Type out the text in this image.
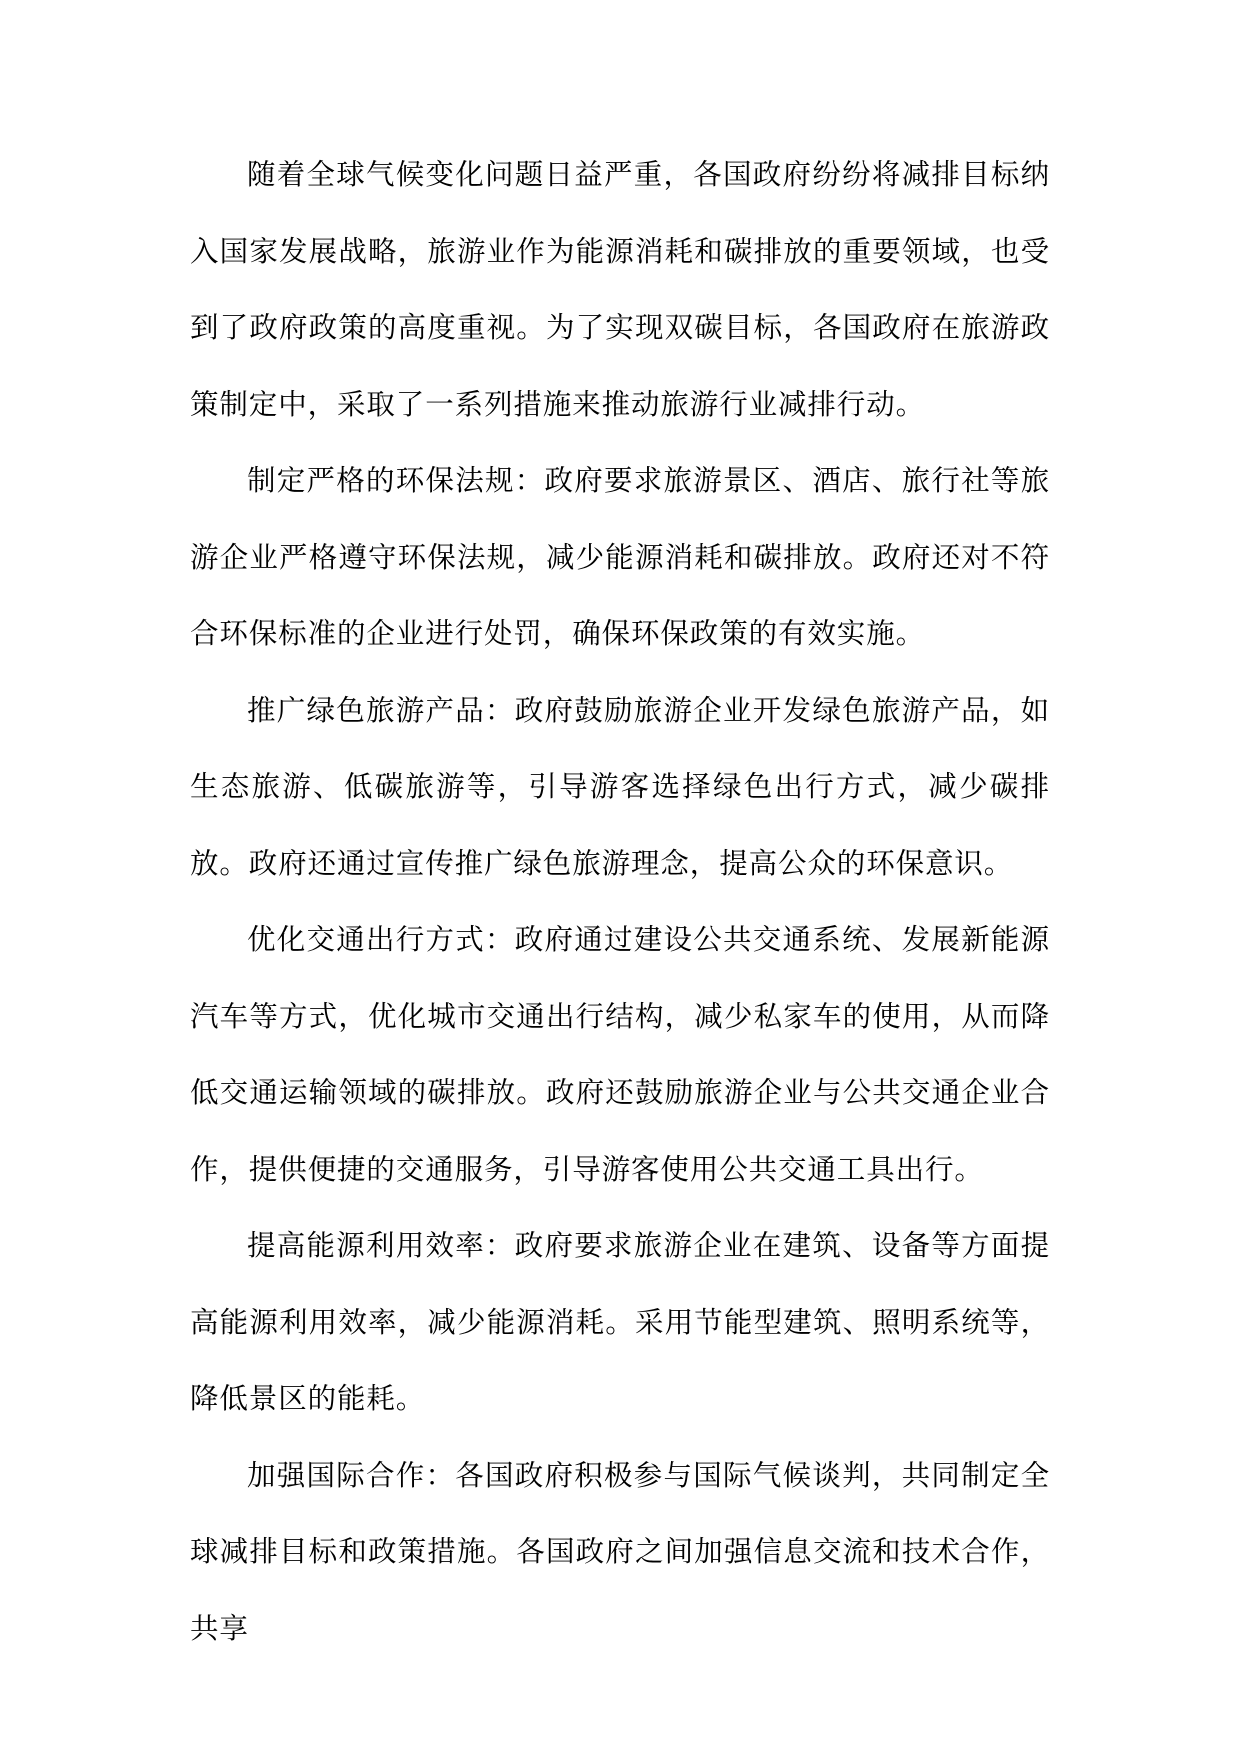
随着全球气候变化问题日益严重，各国政府纷纷将减排目标纳入国家发展战略，旅游业作为能源消耗和碳排放的重要领域，也受到了政府政策的高度重视。为了实现双碳目标，各国政府在旅游政策制定中，采取了一系列措施来推动旅游行业减排行动。

制定严格的环保法规：政府要求旅游景区、酒店、旅行社等旅游企业严格遵守环保法规，减少能源消耗和碳排放。政府还对不符合环保标准的企业进行处罚，确保环保政策的有效实施。

推广绿色旅游产品：政府鼓励旅游企业开发绿色旅游产品，如生态旅游、低碳旅游等，引导游客选择绿色出行方式，减少碳排放。政府还通过宣传推广绿色旅游理念，提高公众的环保意识。

优化交通出行方式：政府通过建设公共交通系统、发展新能源汽车等方式，优化城市交通出行结构，减少私家车的使用，从而降低交通运输领域的碳排放。政府还鼓励旅游企业与公共交通企业合作，提供便捷的交通服务，引导游客使用公共交通工具出行。

提高能源利用效率：政府要求旅游企业在建筑、设备等方面提高能源利用效率，减少能源消耗。采用节能型建筑、照明系统等，降低景区的能耗。

加强国际合作：各国政府积极参与国际气候谈判，共同制定全球减排目标和政策措施。各国政府之间加强信息交流和技术合作，共享
